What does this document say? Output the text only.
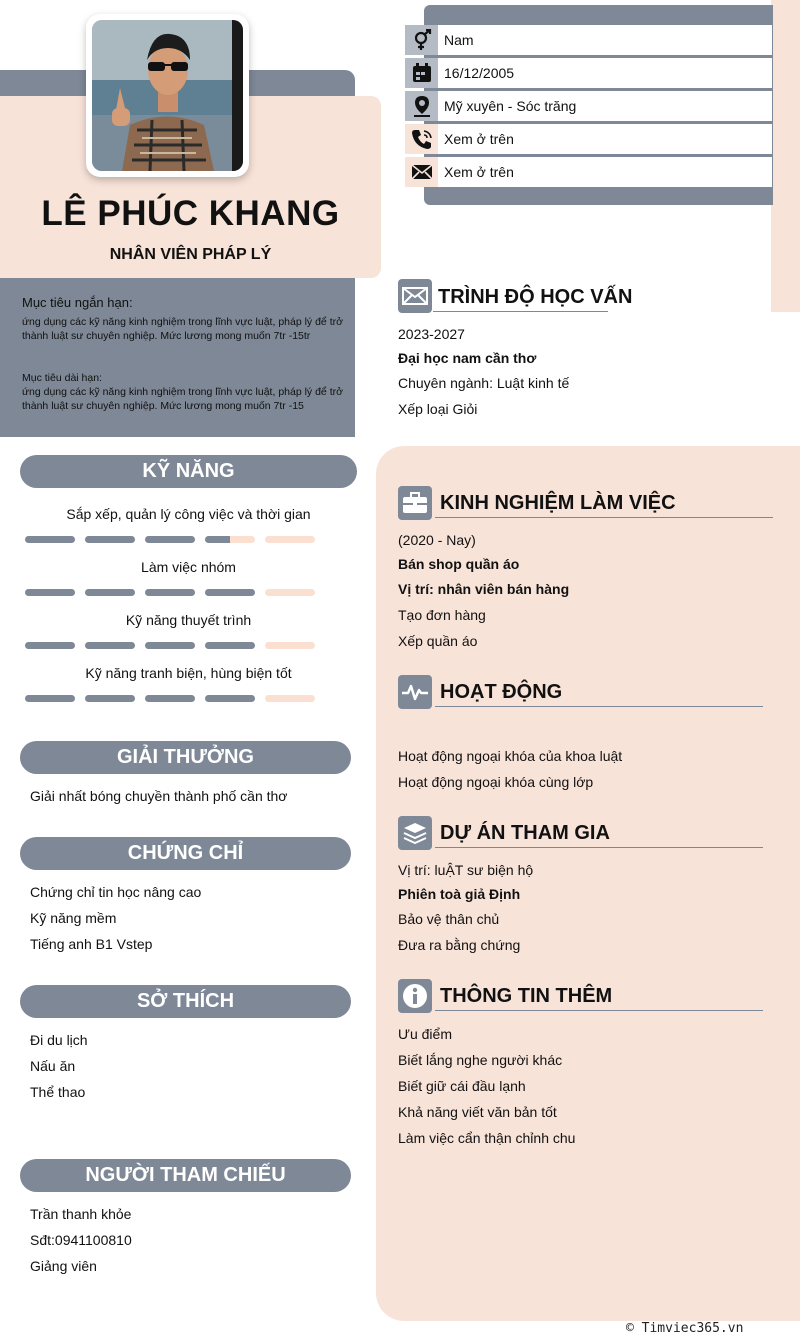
LÊ PHÚC KHANG
NHÂN VIÊN PHÁP LÝ
Mục tiêu ngắn hạn:
ứng dụng các kỹ năng kinh nghiệm trong lĩnh vực luật, pháp lý để trở thành luật sư chuyên nghiệp. Mức lương mong muốn 7tr -15tr
Mục tiêu dài hạn:
ứng dụng các kỹ năng kinh nghiệm trong lĩnh vực luật, pháp lý để trở thành luật sư chuyên nghiệp. Mức lương mong muốn 7tr -15
Nam
16/12/2005
Mỹ xuyên - Sóc trăng
Xem ở trên
Xem ở trên
KỸ NĂNG
Sắp xếp, quản lý công việc và thời gian
Làm việc nhóm
Kỹ năng thuyết trình
Kỹ năng tranh biện, hùng biện tốt
GIẢI THƯỞNG
Giải nhất bóng chuyền thành phố cần thơ
CHỨNG CHỈ
Chứng chỉ tin học nâng cao
Kỹ năng mềm
Tiếng anh B1 Vstep
SỞ THÍCH
Đi du lịch
Nấu ăn
Thể thao
NGƯỜI THAM CHIẾU
Trần thanh khỏe
Sđt:0941100810
Giảng viên
TRÌNH ĐỘ HỌC VẤN
2023-2027
Đại học nam cần thơ
Chuyên ngành: Luật kinh tế
Xếp loại Giỏi
KINH NGHIỆM LÀM VIỆC
(2020 - Nay)
Bán shop quần áo
Vị trí: nhân viên bán hàng
Tạo đơn hàng
Xếp quần áo
HOẠT ĐỘNG
Hoạt động ngoại khóa của khoa luật
Hoạt động ngoại khóa cùng lớp
DỰ ÁN THAM GIA
Vị trí: luẬT sư biện hộ
Phiên toà giả Định
Bảo vệ thân chủ
Đưa ra bằng chứng
THÔNG TIN THÊM
Ưu điểm
Biết lắng nghe người khác
Biết giữ cái đầu lạnh
Khả năng viết văn bản tốt
Làm việc cẩn thận chỉnh chu
© Timviec365.vn
